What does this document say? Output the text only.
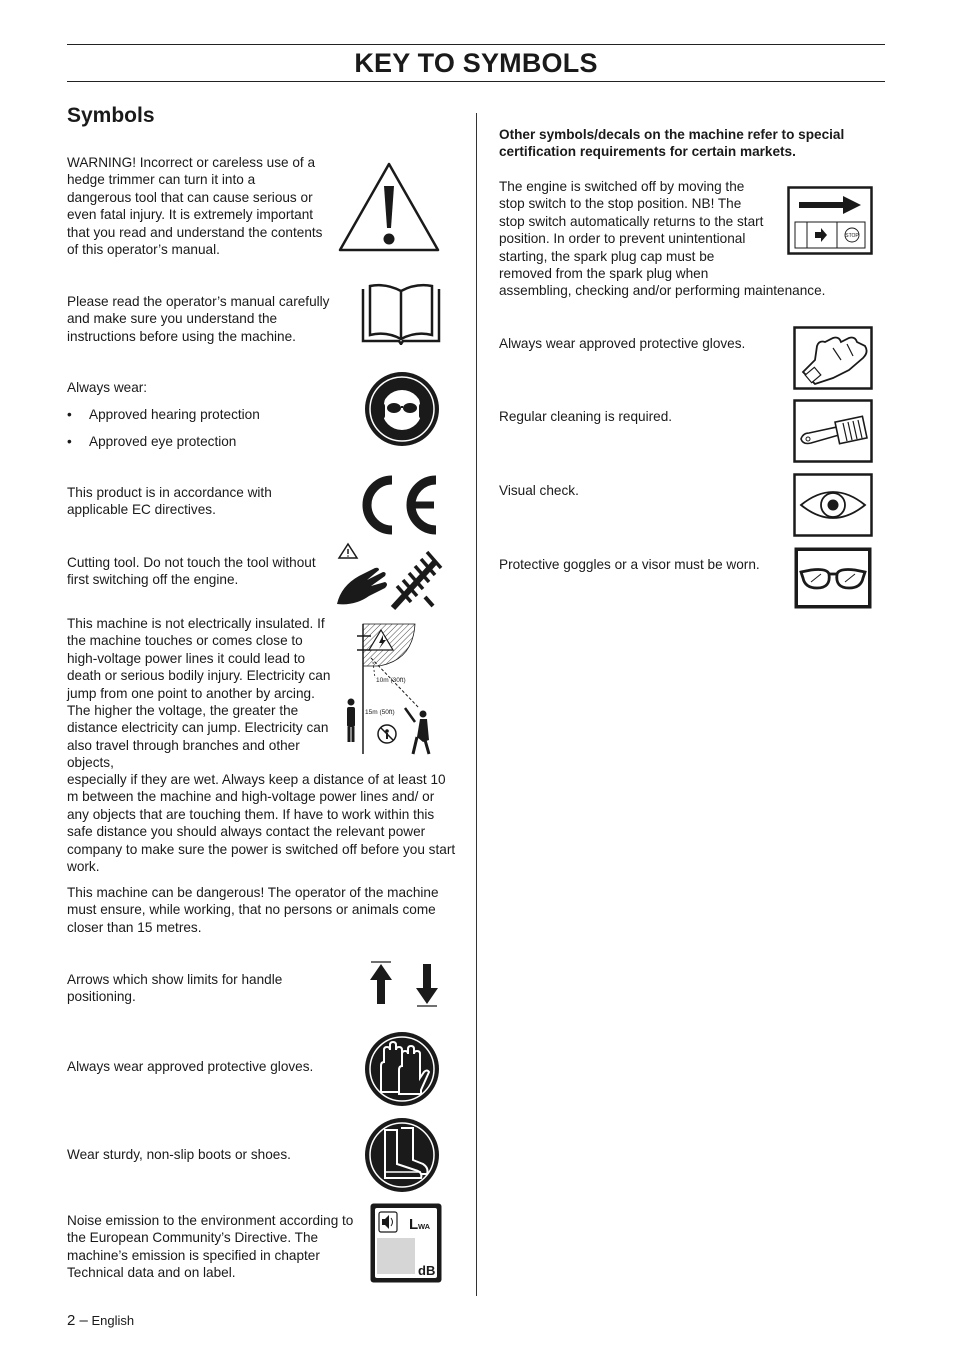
KEY TO SYMBOLS
Symbols

WARNING! Incorrect or careless use of a hedge trimmer can turn it into a dangerous tool that can cause serious or even fatal injury. It is extremely important that you read and understand the contents of this operator’s manual.

Please read the operator’s manual carefully and make sure you understand the instructions before using the machine.

Always wear:

• Approved hearing protection
• Approved eye protection

This product is in accordance with applicable EC directives.

Cutting tool. Do not touch the tool without first switching off the engine.

This machine is not electrically insulated. If the machine touches or comes close to high-voltage power lines it could lead to death or serious bodily injury. Electricity can jump from one point to another by arcing. The higher the voltage, the greater the distance electricity can jump. Electricity can also travel through branches and other objects,

especially if they are wet. Always keep a distance of at least 10 m between the machine and high-voltage power lines and/ or any objects that are touching them. If have to work within this safe distance you should always contact the relevant power company to make sure the power is switched off before you start work.

10m (30ft)
15m (50ft)

This machine can be dangerous! The operator of the machine must ensure, while working, that no persons or animals come closer than 15 metres.

Arrows which show limits for handle positioning.

Always wear approved protective gloves.

Wear sturdy, non-slip boots or shoes.

Noise emission to the environment according to the European Community’s Directive. The machine’s emission is specified in chapter Technical data and on label.

L WA
dB

Other symbols/decals on the machine refer to special certification requirements for certain markets.

The engine is switched off by moving the stop switch to the stop position. NB! The stop switch automatically returns to the start position. In order to prevent unintentional starting, the spark plug cap must be removed from the spark plug when

assembling, checking and/or performing maintenance.

STOP

Always wear approved protective gloves.

Regular cleaning is required.

Visual check.

Protective goggles or a visor must be worn.

2 – English
